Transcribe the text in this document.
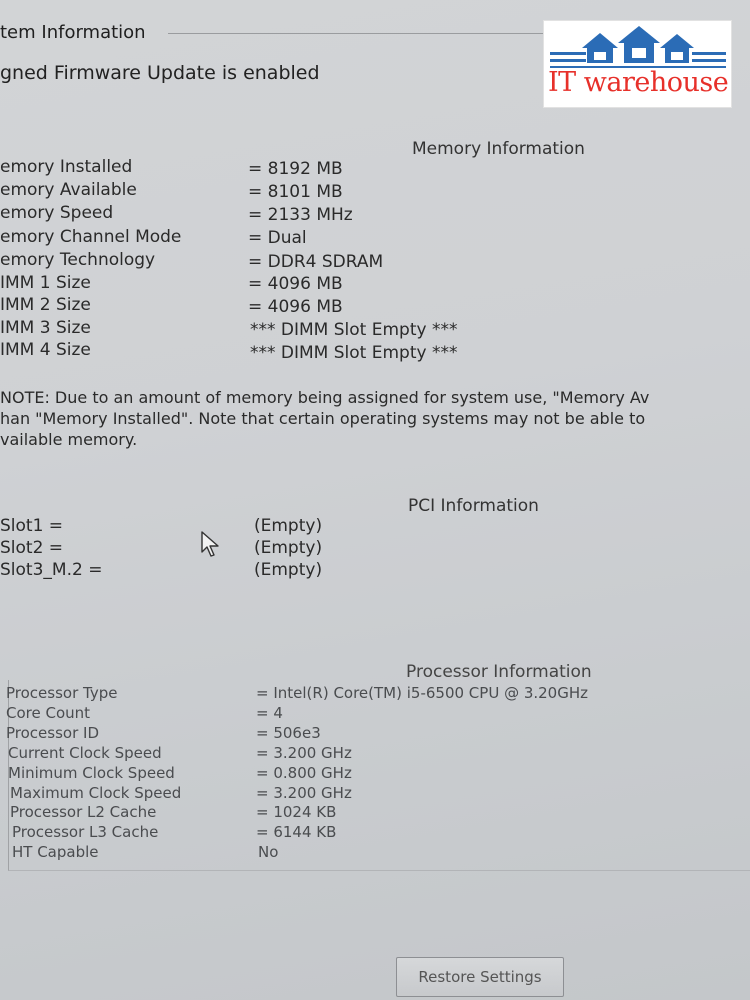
tem Information
gned Firmware Update is enabled	IT warehouse
Memory Information
emory Installed	= 8192 MB
emory Available	= 8101 MB
emory Speed	= 2133 MHz
emory Channel Mode	= Dual
emory Technology	= DDR4 SDRAM
IMM 1 Size	= 4096 MB
IMM 2 Size	= 4096 MB
IMM 3 Size	*** DIMM Slot Empty ***
IMM 4 Size	*** DIMM Slot Empty ***
NOTE: Due to an amount of memory being assigned for system use, "Memory Av
han "Memory Installed". Note that certain operating systems may not be able to
vailable memory.
PCI Information
Slot1 =	(Empty)
Slot2 =	(Empty)
Slot3_M.2 =	(Empty)
Processor Information
Processor Type	= Intel(R) Core(TM) i5-6500 CPU @ 3.20GHz
Core Count	= 4
Processor ID	= 506e3
Current Clock Speed	= 3.200 GHz
Minimum Clock Speed	= 0.800 GHz
Maximum Clock Speed	= 3.200 GHz
Processor L2 Cache	= 1024 KB
Processor L3 Cache	= 6144 KB
HT Capable	No
Restore Settings
